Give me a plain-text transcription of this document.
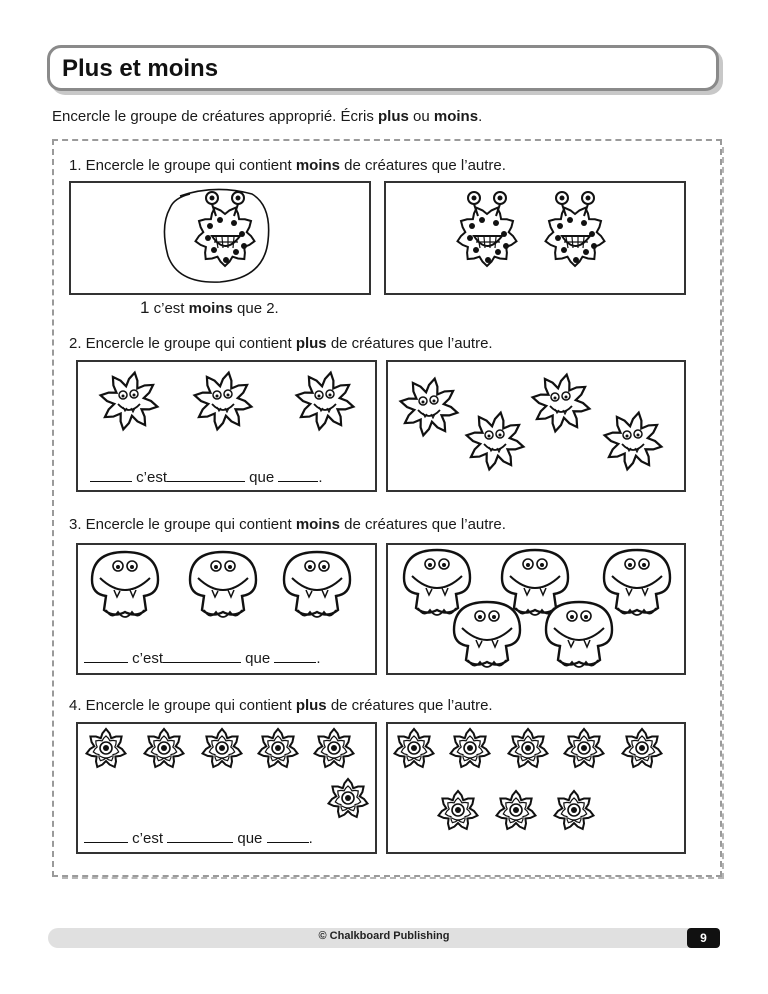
Plus et moins
Encercle le groupe de créatures approprié. Écris plus ou moins.
1. Encercle le groupe qui contient moins de créatures que l’autre.
1 c’est moins que 2.
2. Encercle le groupe qui contient plus de créatures que l’autre.
c’est	que	.
3. Encercle le groupe qui contient moins de créatures que l’autre.
c’est	que	.
4. Encercle le groupe qui contient plus de créatures que l’autre.
c’est	que	.
© Chalkboard Publishing	9
